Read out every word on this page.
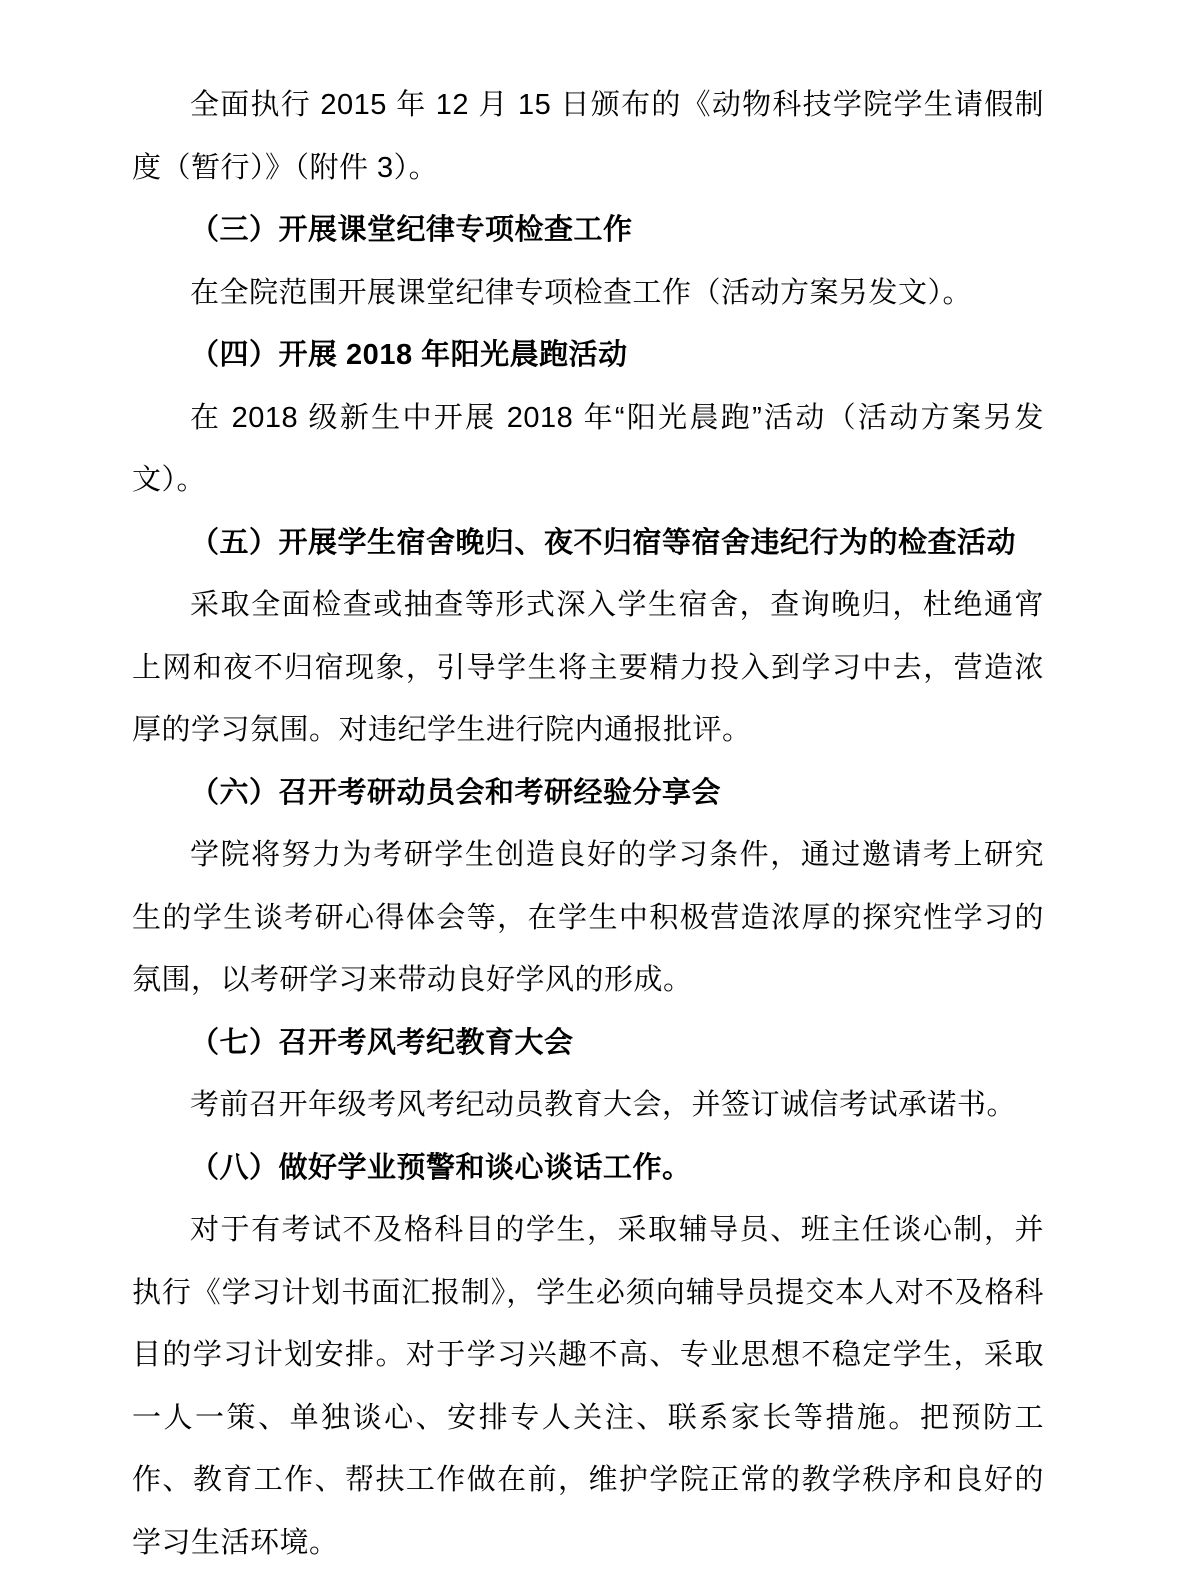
全面执行 2015 年 12 月 15 日颁布的《动物科技学院学生请假制度（暂行）》（附件 3）。

（三）开展课堂纪律专项检查工作

在全院范围开展课堂纪律专项检查工作（活动方案另发文）。

（四）开展 2018 年阳光晨跑活动

在 2018 级新生中开展 2018 年“阳光晨跑”活动（活动方案另发文）。

（五）开展学生宿舍晚归、夜不归宿等宿舍违纪行为的检查活动

采取全面检查或抽查等形式深入学生宿舍，查询晚归，杜绝通宵上网和夜不归宿现象，引导学生将主要精力投入到学习中去，营造浓厚的学习氛围。对违纪学生进行院内通报批评。

（六）召开考研动员会和考研经验分享会

学院将努力为考研学生创造良好的学习条件，通过邀请考上研究生的学生谈考研心得体会等，在学生中积极营造浓厚的探究性学习的氛围，以考研学习来带动良好学风的形成。

（七）召开考风考纪教育大会

考前召开年级考风考纪动员教育大会，并签订诚信考试承诺书。

（八）做好学业预警和谈心谈话工作。

对于有考试不及格科目的学生，采取辅导员、班主任谈心制，并执行《学习计划书面汇报制》，学生必须向辅导员提交本人对不及格科目的学习计划安排。对于学习兴趣不高、专业思想不稳定学生，采取一人一策、单独谈心、安排专人关注、联系家长等措施。把预防工作、教育工作、帮扶工作做在前，维护学院正常的教学秩序和良好的学习生活环境。
